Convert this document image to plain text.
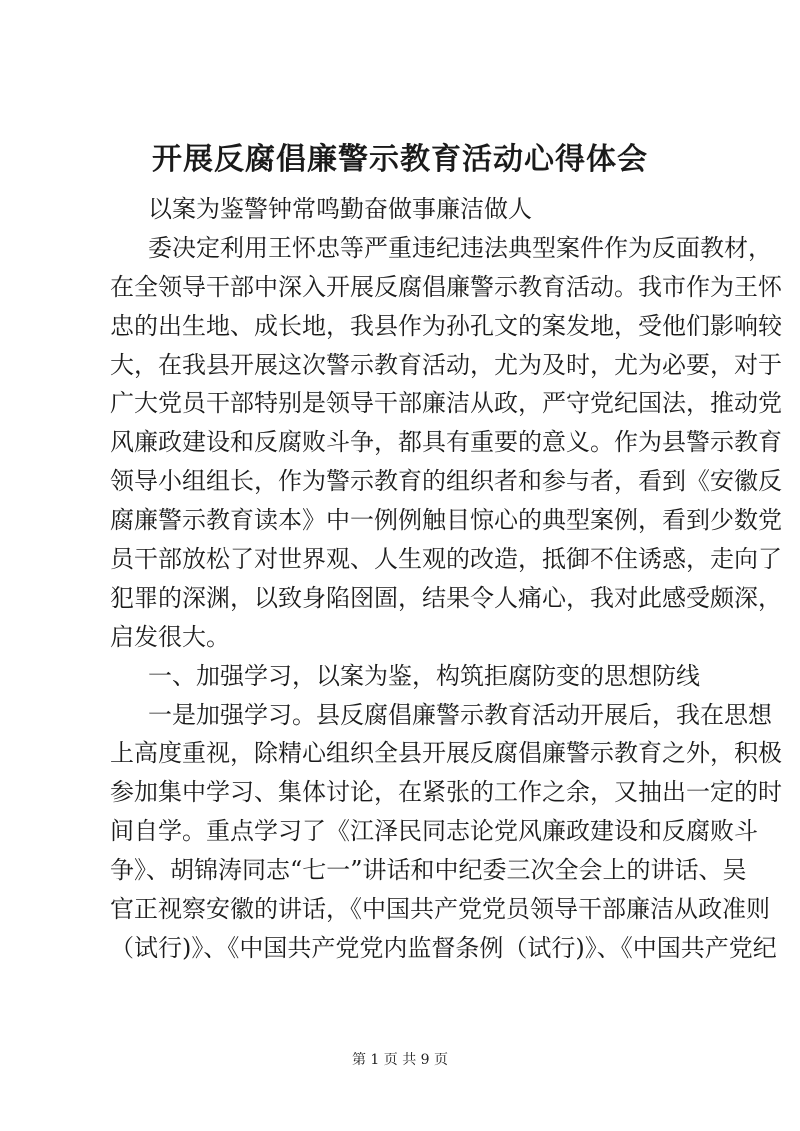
开展反腐倡廉警示教育活动心得体会
以案为鉴警钟常鸣勤奋做事廉洁做人
委决定利用王怀忠等严重违纪违法典型案件作为反面教材，
在全领导干部中深入开展反腐倡廉警示教育活动。我市作为王怀
忠的出生地、成长地，我县作为孙孔文的案发地，受他们影响较
大，在我县开展这次警示教育活动，尤为及时，尤为必要，对于
广大党员干部特别是领导干部廉洁从政，严守党纪国法，推动党
风廉政建设和反腐败斗争，都具有重要的意义。作为县警示教育
领导小组组长，作为警示教育的组织者和参与者，看到《安徽反
腐廉警示教育读本》中一例例触目惊心的典型案例，看到少数党
员干部放松了对世界观、人生观的改造，抵御不住诱惑，走向了
犯罪的深渊，以致身陷囹圄，结果令人痛心，我对此感受颇深，
启发很大。
一、加强学习，以案为鉴，构筑拒腐防变的思想防线
一是加强学习。县反腐倡廉警示教育活动开展后，我在思想
上高度重视，除精心组织全县开展反腐倡廉警示教育之外，积极
参加集中学习、集体讨论，在紧张的工作之余，又抽出一定的时
间自学。重点学习了《江泽民同志论党风廉政建设和反腐败斗
争》、胡锦涛同志“七一”讲话和中纪委三次全会上的讲话、吴
官正视察安徽的讲话，《中国共产党党员领导干部廉洁从政准则
（试行)》、《中国共产党党内监督条例（试行)》、《中国共产党纪
第 1 页 共 9 页
